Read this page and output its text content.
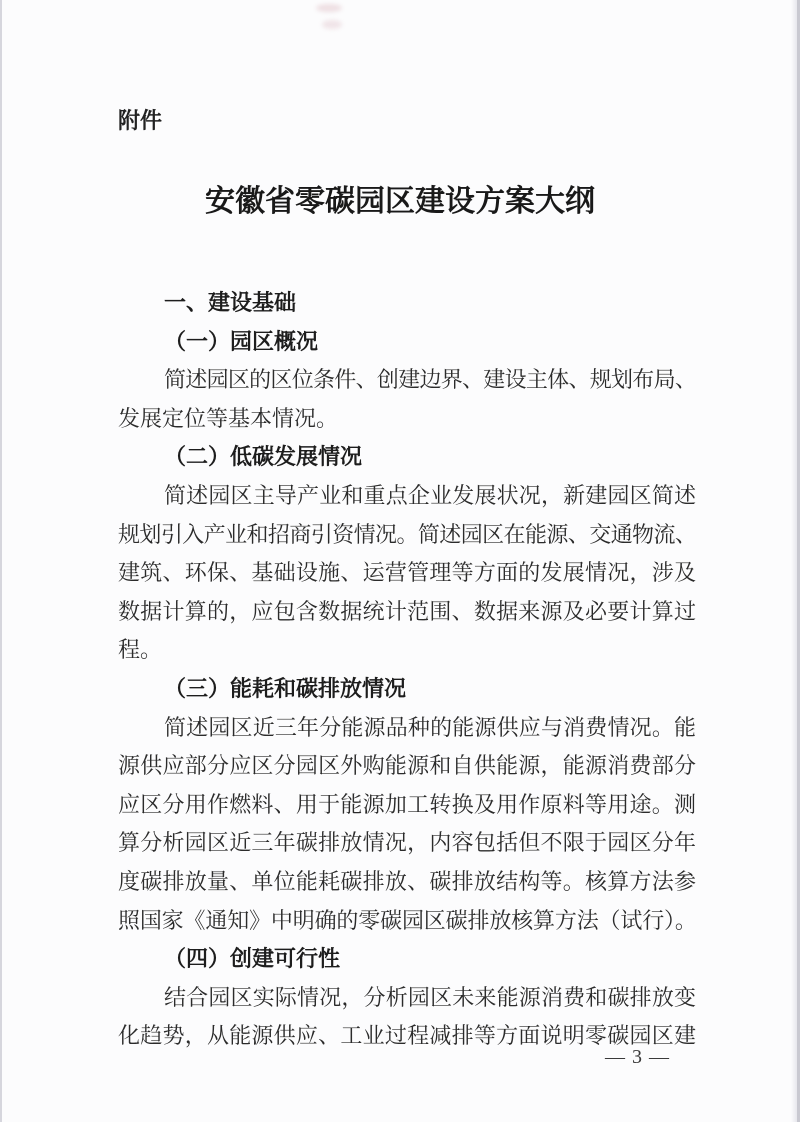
附件
安徽省零碳园区建设方案大纲
一、建设基础
（一）园区概况
简述园区的区位条件、创建边界、建设主体、规划布局、
发展定位等基本情况。
（二）低碳发展情况
简述园区主导产业和重点企业发展状况，新建园区简述
规划引入产业和招商引资情况。简述园区在能源、交通物流、
建筑、环保、基础设施、运营管理等方面的发展情况，涉及
数据计算的，应包含数据统计范围、数据来源及必要计算过
程。
（三）能耗和碳排放情况
简述园区近三年分能源品种的能源供应与消费情况。能
源供应部分应区分园区外购能源和自供能源，能源消费部分
应区分用作燃料、用于能源加工转换及用作原料等用途。测
算分析园区近三年碳排放情况，内容包括但不限于园区分年
度碳排放量、单位能耗碳排放、碳排放结构等。核算方法参
照国家《通知》中明确的零碳园区碳排放核算方法（试行）。
（四）创建可行性
结合园区实际情况，分析园区未来能源消费和碳排放变
化趋势，从能源供应、工业过程减排等方面说明零碳园区建
— 3 —
